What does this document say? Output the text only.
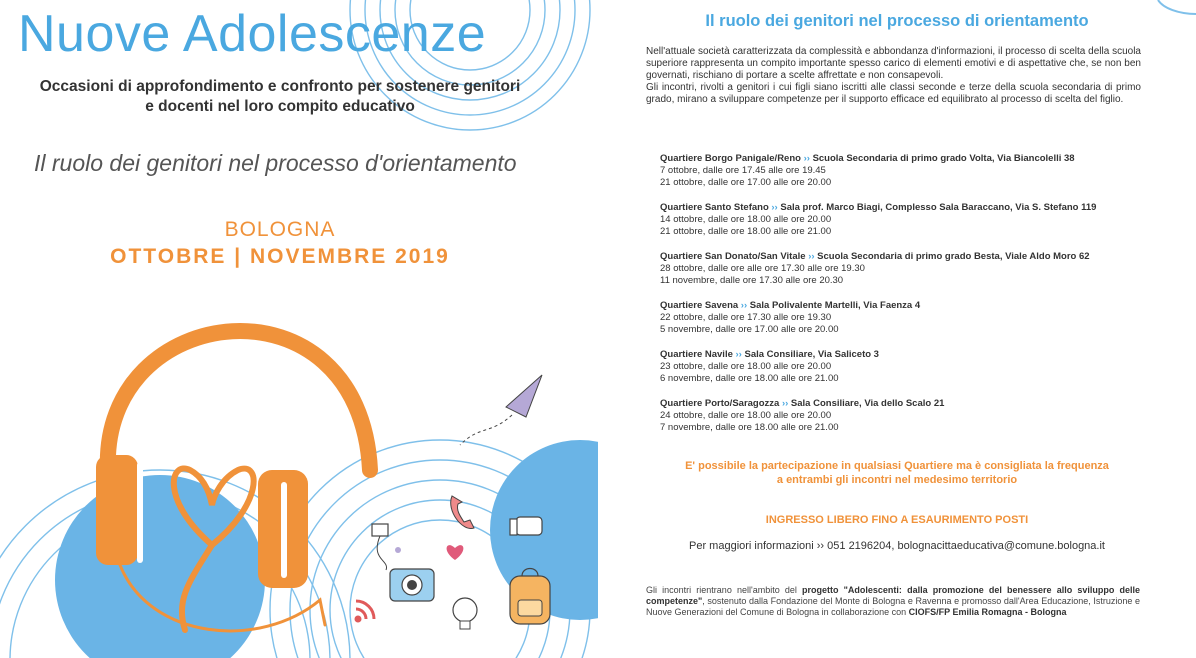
Nuove Adolescenze
Occasioni di approfondimento e confronto per sostenere genitori
e docenti nel loro compito educativo
Il ruolo dei genitori nel processo d'orientamento
BOLOGNA
OTTOBRE | NOVEMBRE 2019
Il ruolo dei genitori nel processo di orientamento

Nell'attuale società caratterizzata da complessità e abbondanza d'informazioni, il processo di scelta della scuola superiore rappresenta un compito importante spesso carico di elementi emotivi e di aspettative che, se non ben governati, rischiano di portare a scelte affrettate e non consapevoli.

Gli incontri, rivolti a genitori i cui figli siano iscritti alle classi seconde e terze della scuola secondaria di primo grado, mirano a sviluppare competenze per il supporto efficace ed equilibrato al processo di scelta del figlio.

Quartiere Borgo Panigale/Reno ›› Scuola Secondaria di primo grado Volta, Via Biancolelli 38
7 ottobre, dalle ore 17.45 alle ore 19.45
21 ottobre, dalle ore 17.00 alle ore 20.00
Quartiere Santo Stefano ›› Sala prof. Marco Biagi, Complesso Sala Baraccano, Via S. Stefano 119
14 ottobre, dalle ore 18.00 alle ore 20.00
21 ottobre, dalle ore 18.00 alle ore 21.00
Quartiere San Donato/San Vitale ›› Scuola Secondaria di primo grado Besta, Viale Aldo Moro 62
28 ottobre, dalle ore alle ore 17.30 alle ore 19.30
11 novembre, dalle ore 17.30 alle ore 20.30
Quartiere Savena ›› Sala Polivalente Martelli, Via Faenza 4
22 ottobre, dalle ore 17.30 alle ore 19.30
5 novembre, dalle ore 17.00 alle ore 20.00
Quartiere Navile ›› Sala Consiliare, Via Saliceto 3
23 ottobre, dalle ore 18.00 alle ore 20.00
6 novembre, dalle ore 18.00 alle ore 21.00
Quartiere Porto/Saragozza ›› Sala Consiliare, Via dello Scalo 21
24 ottobre, dalle ore 18.00 alle ore 20.00
7 novembre, dalle ore 18.00 alle ore 21.00
E' possibile la partecipazione in qualsiasi Quartiere ma è consigliata la frequenza
a entrambi gli incontri nel medesimo territorio
INGRESSO LIBERO FINO A ESAURIMENTO POSTI
Per maggiori informazioni ›› 051 2196204, bolognacittaeducativa@comune.bologna.it
Gli incontri rientrano nell'ambito del progetto "Adolescenti: dalla promozione del benessere allo sviluppo delle competenze", sostenuto dalla Fondazione del Monte di Bologna e Ravenna e promosso dall'Area Educazione, Istruzione e Nuove Generazioni del Comune di Bologna in collaborazione con CIOFS/FP Emilia Romagna - Bologna
